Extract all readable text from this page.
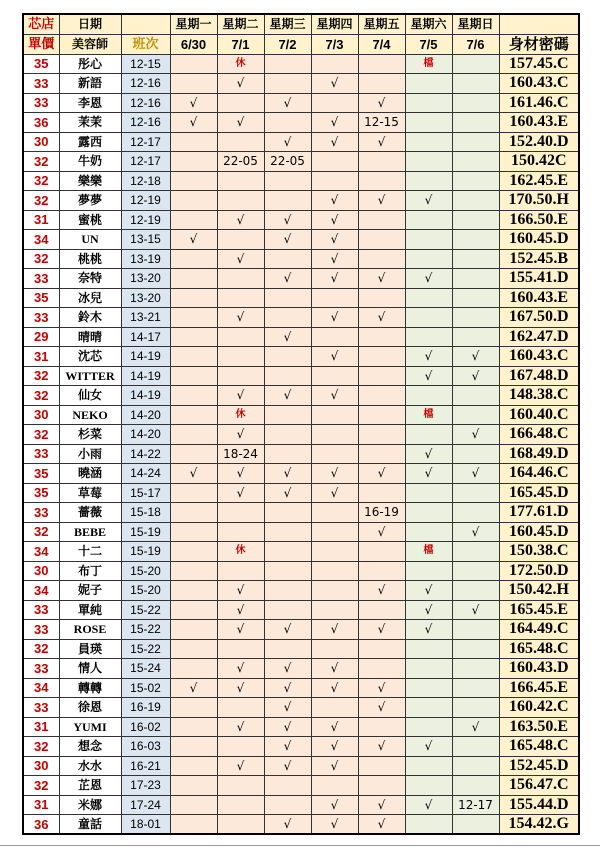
芯店	日期		星期一	星期二	星期三	星期四	星期五	星期六	星期日	
單價	美容師	班次	6/30	7/1	7/2	7/3	7/4	7/5	7/6	身材密碼
35	彤心	12-15		休				檔		157.45.C
33	新語	12-16		√		√				160.43.C
33	李恩	12-16	√		√		√			161.46.C
36	茉茉	12-16	√	√		√	12-15			160.43.E
30	露西	12-17			√	√	√			152.40.D
32	牛奶	12-17		22-05	22-05					150.42C
32	樂樂	12-18								162.45.E
32	夢夢	12-19				√	√	√		170.50.H
31	蜜桃	12-19		√	√	√				166.50.E
34	UN	13-15	√		√	√				160.45.D
32	桃桃	13-19		√		√				152.45.B
33	奈特	13-20			√	√	√	√		155.41.D
35	冰兒	13-20								160.43.E
33	鈴木	13-21		√		√	√			167.50.D
29	晴晴	14-17			√					162.47.D
31	沈芯	14-19				√		√	√	160.43.C
32	WITTER	14-19						√	√	167.48.D
32	仙女	14-19		√	√	√				148.38.C
30	NEKO	14-20		休				檔		160.40.C
32	杉菜	14-20		√					√	166.48.C
33	小雨	14-22		18-24				√		168.49.D
35	曉涵	14-24	√	√	√	√	√	√	√	164.46.C
35	草莓	15-17		√	√	√				165.45.D
33	薔薇	15-18					16-19			177.61.D
32	BEBE	15-19					√		√	160.45.D
34	十二	15-19		休				檔		150.38.C
30	布丁	15-20								172.50.D
34	妮子	15-20		√			√	√		150.42.H
33	單純	15-22		√				√	√	165.45.E
33	ROSE	15-22		√	√	√	√	√		164.49.C
32	員瑛	15-22								165.48.C
33	情人	15-24		√	√	√				160.43.D
34	轉轉	15-02	√	√	√	√	√			166.45.E
33	徐恩	16-19			√		√			160.42.C
31	YUMI	16-02		√	√	√			√	163.50.E
32	想念	16-03			√	√	√	√		165.48.C
30	水水	16-21		√	√	√				152.45.D
32	芷恩	17-23								156.47.C
31	米娜	17-24				√	√	√	12-17	155.44.D
36	童話	18-01			√	√	√			154.42.G
